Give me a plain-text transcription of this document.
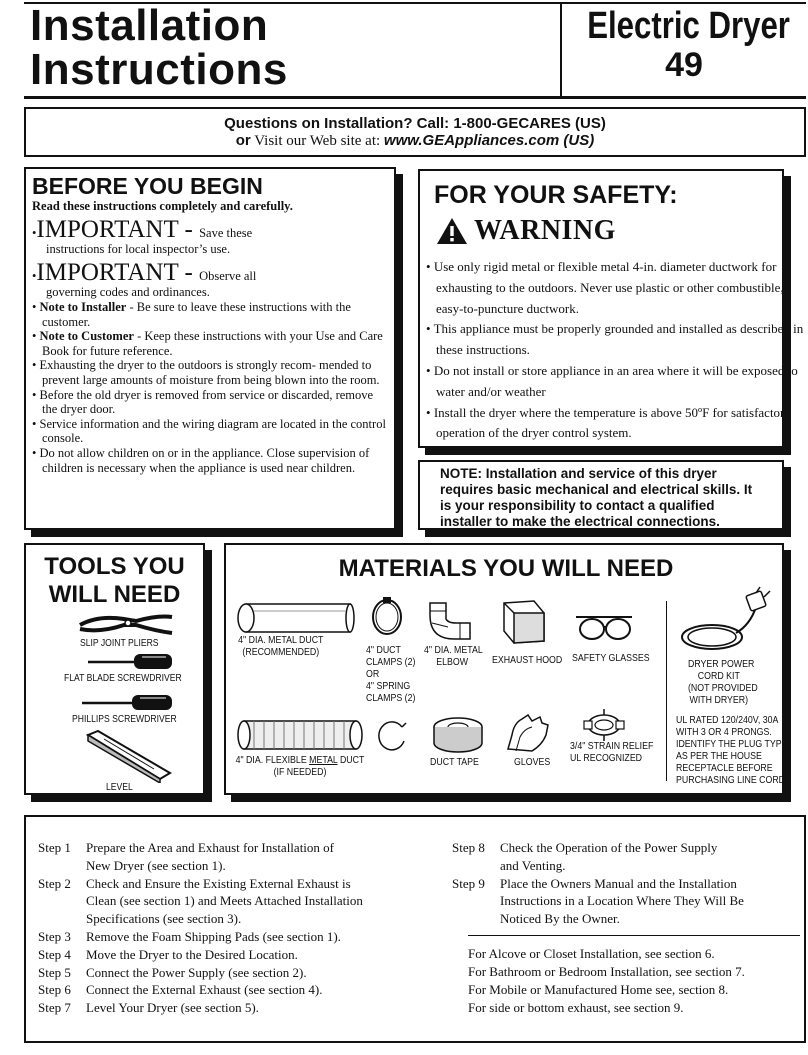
Installation
Instructions
Electric Dryer
49
Questions on Installation? Call: 1-800-GECARES (US)
or Visit our Web site at: www.GEAppliances.com (US)
BEFORE YOU BEGIN
Read these instructions completely and carefully.
•IMPORTANT - Save these
instructions for local inspector’s use.
•IMPORTANT - Observe all
governing codes and ordinances.
• Note to Installer - Be sure to leave these instructions with the customer.
• Note to Customer - Keep these instructions with your Use and Care Book for future reference.
• Exhausting the dryer to the outdoors is strongly recom- mended to prevent large amounts of moisture from being blown into the room.
• Before the old dryer is removed from service or discarded, remove the dryer door.
• Service information and the wiring diagram are located in the control console.
• Do not allow children on or in the appliance. Close supervision of children is necessary when the appliance is used near children.
FOR YOUR SAFETY:
WARNING
• Use only rigid metal or flexible metal 4-in. diameter ductwork for exhausting to the outdoors. Never use plastic or other combustible, easy-to-puncture ductwork.
• This appliance must be properly grounded and installed as described in these instructions.
• Do not install or store appliance in an area where it will be exposed to water and/or weather
• Install the dryer where the temperature is above 50ºF for satisfactory operation of the dryer control system.
NOTE: Installation and service of this dryer requires basic mechanical and electrical skills. It is your responsibility to contact a qualified installer to make the electrical connections.
TOOLS YOU
WILL NEED
SLIP JOINT PLIERS
FLAT BLADE SCREWDRIVER
PHILLIPS SCREWDRIVER
LEVEL
MATERIALS YOU WILL NEED
4" DIA. METAL DUCT
(RECOMMENDED)	4" DUCT
CLAMPS (2)
OR
4" SPRING
CLAMPS (2)
4" DIA. METAL
ELBOW	EXHAUST HOOD SAFETY GLASSES
DRYER POWER
CORD KIT
(NOT PROVIDED
WITH DRYER)
UL RATED 120/240V, 30A
WITH 3 OR 4 PRONGS.
IDENTIFY THE PLUG TYPE
AS PER THE HOUSE
RECEPTACLE BEFORE
PURCHASING LINE CORD.
4" DIA. FLEXIBLE METAL DUCT
(IF NEEDED)
DUCT TAPE	GLOVES
3/4" STRAIN RELIEF
UL RECOGNIZED
Step 1	Prepare the Area and Exhaust for Installation of
New Dryer (see section 1).
Step 2	Check and Ensure the Existing External Exhaust is
Clean (see section 1) and Meets Attached Installation
Specifications (see section 3).
Step 3	Remove the Foam Shipping Pads (see section 1).
Step 4	Move the Dryer to the Desired Location.
Step 5	Connect the Power Supply (see section 2).
Step 6	Connect the External Exhaust (see section 4).
Step 7	Level Your Dryer (see section 5).
Step 8	Check the Operation of the Power Supply
and Venting.
Step 9	Place the Owners Manual and the Installation
Instructions in a Location Where They Will Be
Noticed By the Owner.
For Alcove or Closet Installation, see section 6.
For Bathroom or Bedroom Installation, see section 7.
For Mobile or Manufactured Home see, section 8.
For side or bottom exhaust, see section 9.
